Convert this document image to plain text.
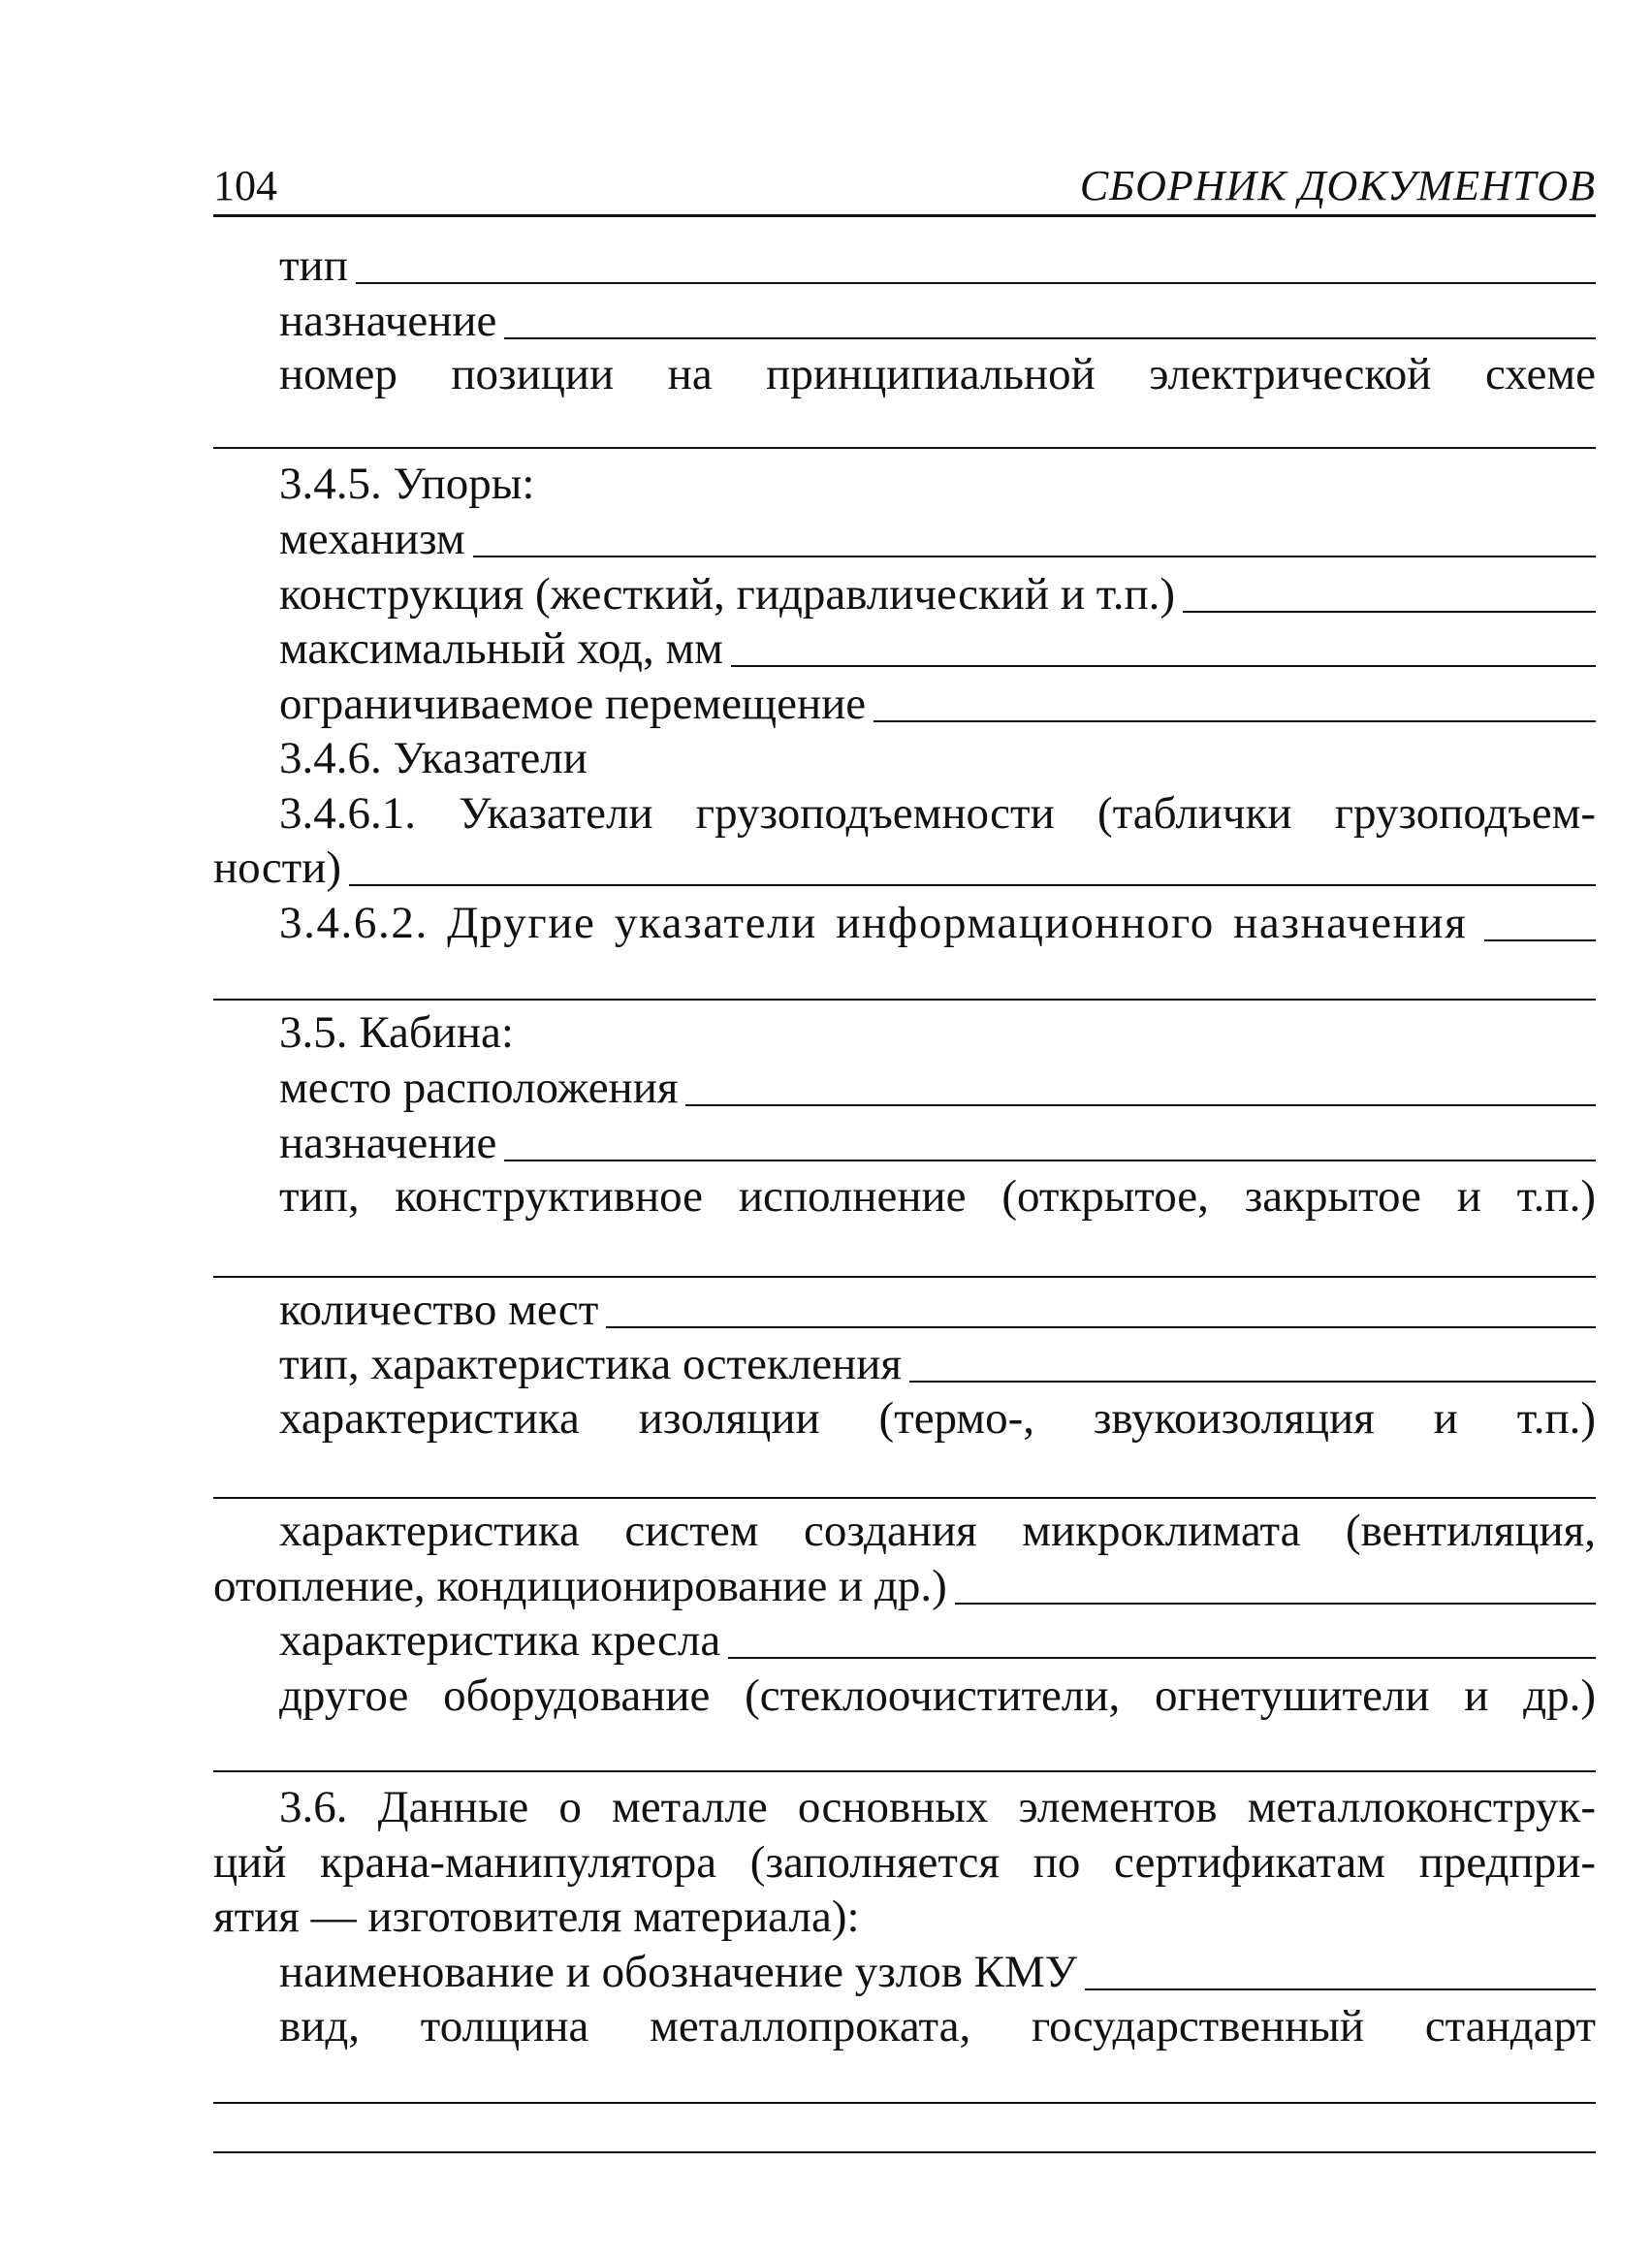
104	СБОРНИК ДОКУМЕНТОВ
тип
назначение
номер позиции на принципиальной электрической схеме
3.4.5. Упоры:
механизм
конструкция (жесткий, гидравлический и т.п.)
максимальный ход, мм
ограничиваемое перемещение
3.4.6. Указатели
3.4.6.1. Указатели грузоподъемности (таблички грузоподъем-
ности)
3.4.6.2. Другие указатели информационного назначения
3.5. Кабина:
место расположения
назначение
тип, конструктивное исполнение (открытое, закрытое и т.п.)
количество мест
тип, характеристика остекления
характеристика изоляции (термо-, звукоизоляция и т.п.)
характеристика систем создания микроклимата (вентиляция,
отопление, кондиционирование и др.)
характеристика кресла
другое оборудование (стеклоочистители, огнетушители и др.)
3.6. Данные о металле основных элементов металлоконструк-
ций крана-манипулятора (заполняется по сертификатам предпри-
ятия — изготовителя материала):
наименование и обозначение узлов КМУ
вид, толщина металлопроката, государственный стандарт
